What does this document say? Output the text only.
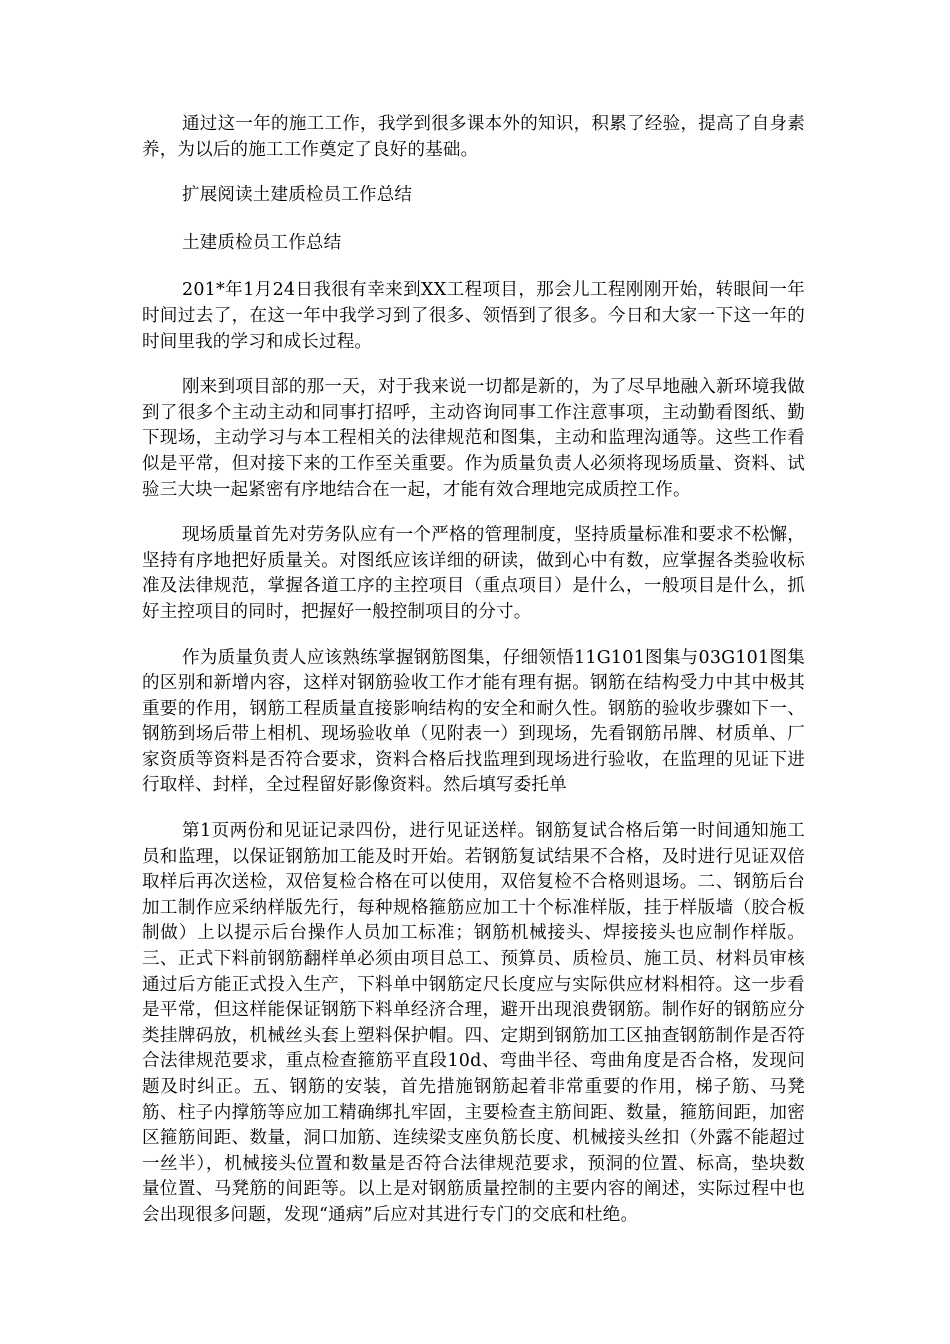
通过这一年的施工工作，我学到很多课本外的知识，积累了经验，提高了自身素养，为以后的施工工作奠定了良好的基础。

扩展阅读土建质检员工作总结

土建质检员工作总结

201*年1月24日我很有幸来到XX工程项目，那会儿工程刚刚开始，转眼间一年时间过去了，在这一年中我学习到了很多、领悟到了很多。今日和大家一下这一年的时间里我的学习和成长过程。

刚来到项目部的那一天，对于我来说一切都是新的，为了尽早地融入新环境我做到了很多个主动主动和同事打招呼，主动咨询同事工作注意事项，主动勤看图纸、勤下现场，主动学习与本工程相关的法律规范和图集，主动和监理沟通等。这些工作看似是平常，但对接下来的工作至关重要。作为质量负责人必须将现场质量、资料、试验三大块一起紧密有序地结合在一起，才能有效合理地完成质控工作。

现场质量首先对劳务队应有一个严格的管理制度，坚持质量标准和要求不松懈，坚持有序地把好质量关。对图纸应该详细的研读，做到心中有数，应掌握各类验收标准及法律规范，掌握各道工序的主控项目（重点项目）是什么，一般项目是什么，抓好主控项目的同时，把握好一般控制项目的分寸。

作为质量负责人应该熟练掌握钢筋图集，仔细领悟11G101图集与03G101图集的区别和新增内容，这样对钢筋验收工作才能有理有据。钢筋在结构受力中其中极其重要的作用，钢筋工程质量直接影响结构的安全和耐久性。钢筋的验收步骤如下一、钢筋到场后带上相机、现场验收单（见附表一）到现场，先看钢筋吊牌、材质单、厂家资质等资料是否符合要求，资料合格后找监理到现场进行验收，在监理的见证下进行取样、封样，全过程留好影像资料。然后填写委托单

第1页两份和见证记录四份，进行见证送样。钢筋复试合格后第一时间通知施工员和监理，以保证钢筋加工能及时开始。若钢筋复试结果不合格，及时进行见证双倍取样后再次送检，双倍复检合格在可以使用，双倍复检不合格则退场。二、钢筋后台加工制作应采纳样版先行，每种规格箍筋应加工十个标准样版，挂于样版墙（胶合板制做）上以提示后台操作人员加工标准；钢筋机械接头、焊接接头也应制作样版。三、正式下料前钢筋翻样单必须由项目总工、预算员、质检员、施工员、材料员审核通过后方能正式投入生产，下料单中钢筋定尺长度应与实际供应材料相符。这一步看是平常，但这样能保证钢筋下料单经济合理，避开出现浪费钢筋。制作好的钢筋应分类挂牌码放，机械丝头套上塑料保护帽。四、定期到钢筋加工区抽查钢筋制作是否符合法律规范要求，重点检查箍筋平直段10d、弯曲半径、弯曲角度是否合格，发现问题及时纠正。五、钢筋的安装，首先措施钢筋起着非常重要的作用，梯子筋、马凳筋、柱子内撑筋等应加工精确绑扎牢固，主要检查主筋间距、数量，箍筋间距，加密区箍筋间距、数量，洞口加筋、连续梁支座负筋长度、机械接头丝扣（外露不能超过一丝半），机械接头位置和数量是否符合法律规范要求，预洞的位置、标高，垫块数量位置、马凳筋的间距等。以上是对钢筋质量控制的主要内容的阐述，实际过程中也会出现很多问题，发现“通病”后应对其进行专门的交底和杜绝。
